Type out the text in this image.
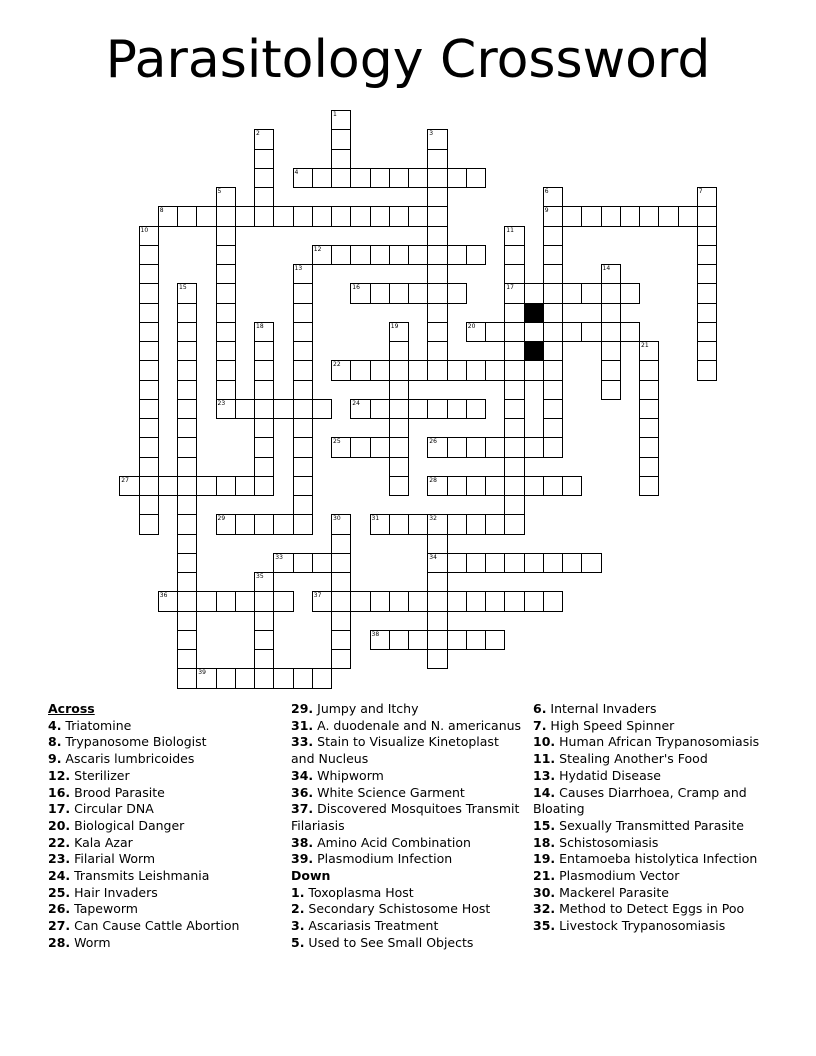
Parasitology Crossword
1
2	3
4
5	6
9
7
8
10	11
17
12
13	14
15	16
18	19	20
21
22
23	24
25	26
27	28
29	30	31	32
34
33
35
36	37
38
39
Across
4. Triatomine
8. Trypanosome Biologist
9. Ascaris lumbricoides
12. Sterilizer
16. Brood Parasite
17. Circular DNA
20. Biological Danger
22. Kala Azar
23. Filarial Worm
24. Transmits Leishmania
25. Hair Invaders
26. Tapeworm
27. Can Cause Cattle Abortion
28. Worm
29. Jumpy and Itchy
31. A. duodenale and N. americanus
33. Stain to Visualize Kinetoplast and Nucleus
34. Whipworm
36. White Science Garment
37. Discovered Mosquitoes Transmit Filariasis
38. Amino Acid Combination
39. Plasmodium Infection
Down
1. Toxoplasma Host
2. Secondary Schistosome Host
3. Ascariasis Treatment
5. Used to See Small Objects
6. Internal Invaders
7. High Speed Spinner
10. Human African Trypanosomiasis
11. Stealing Another's Food
13. Hydatid Disease
14. Causes Diarrhoea, Cramp and Bloating
15. Sexually Transmitted Parasite
18. Schistosomiasis
19. Entamoeba histolytica Infection
21. Plasmodium Vector
30. Mackerel Parasite
32. Method to Detect Eggs in Poo
35. Livestock Trypanosomiasis
